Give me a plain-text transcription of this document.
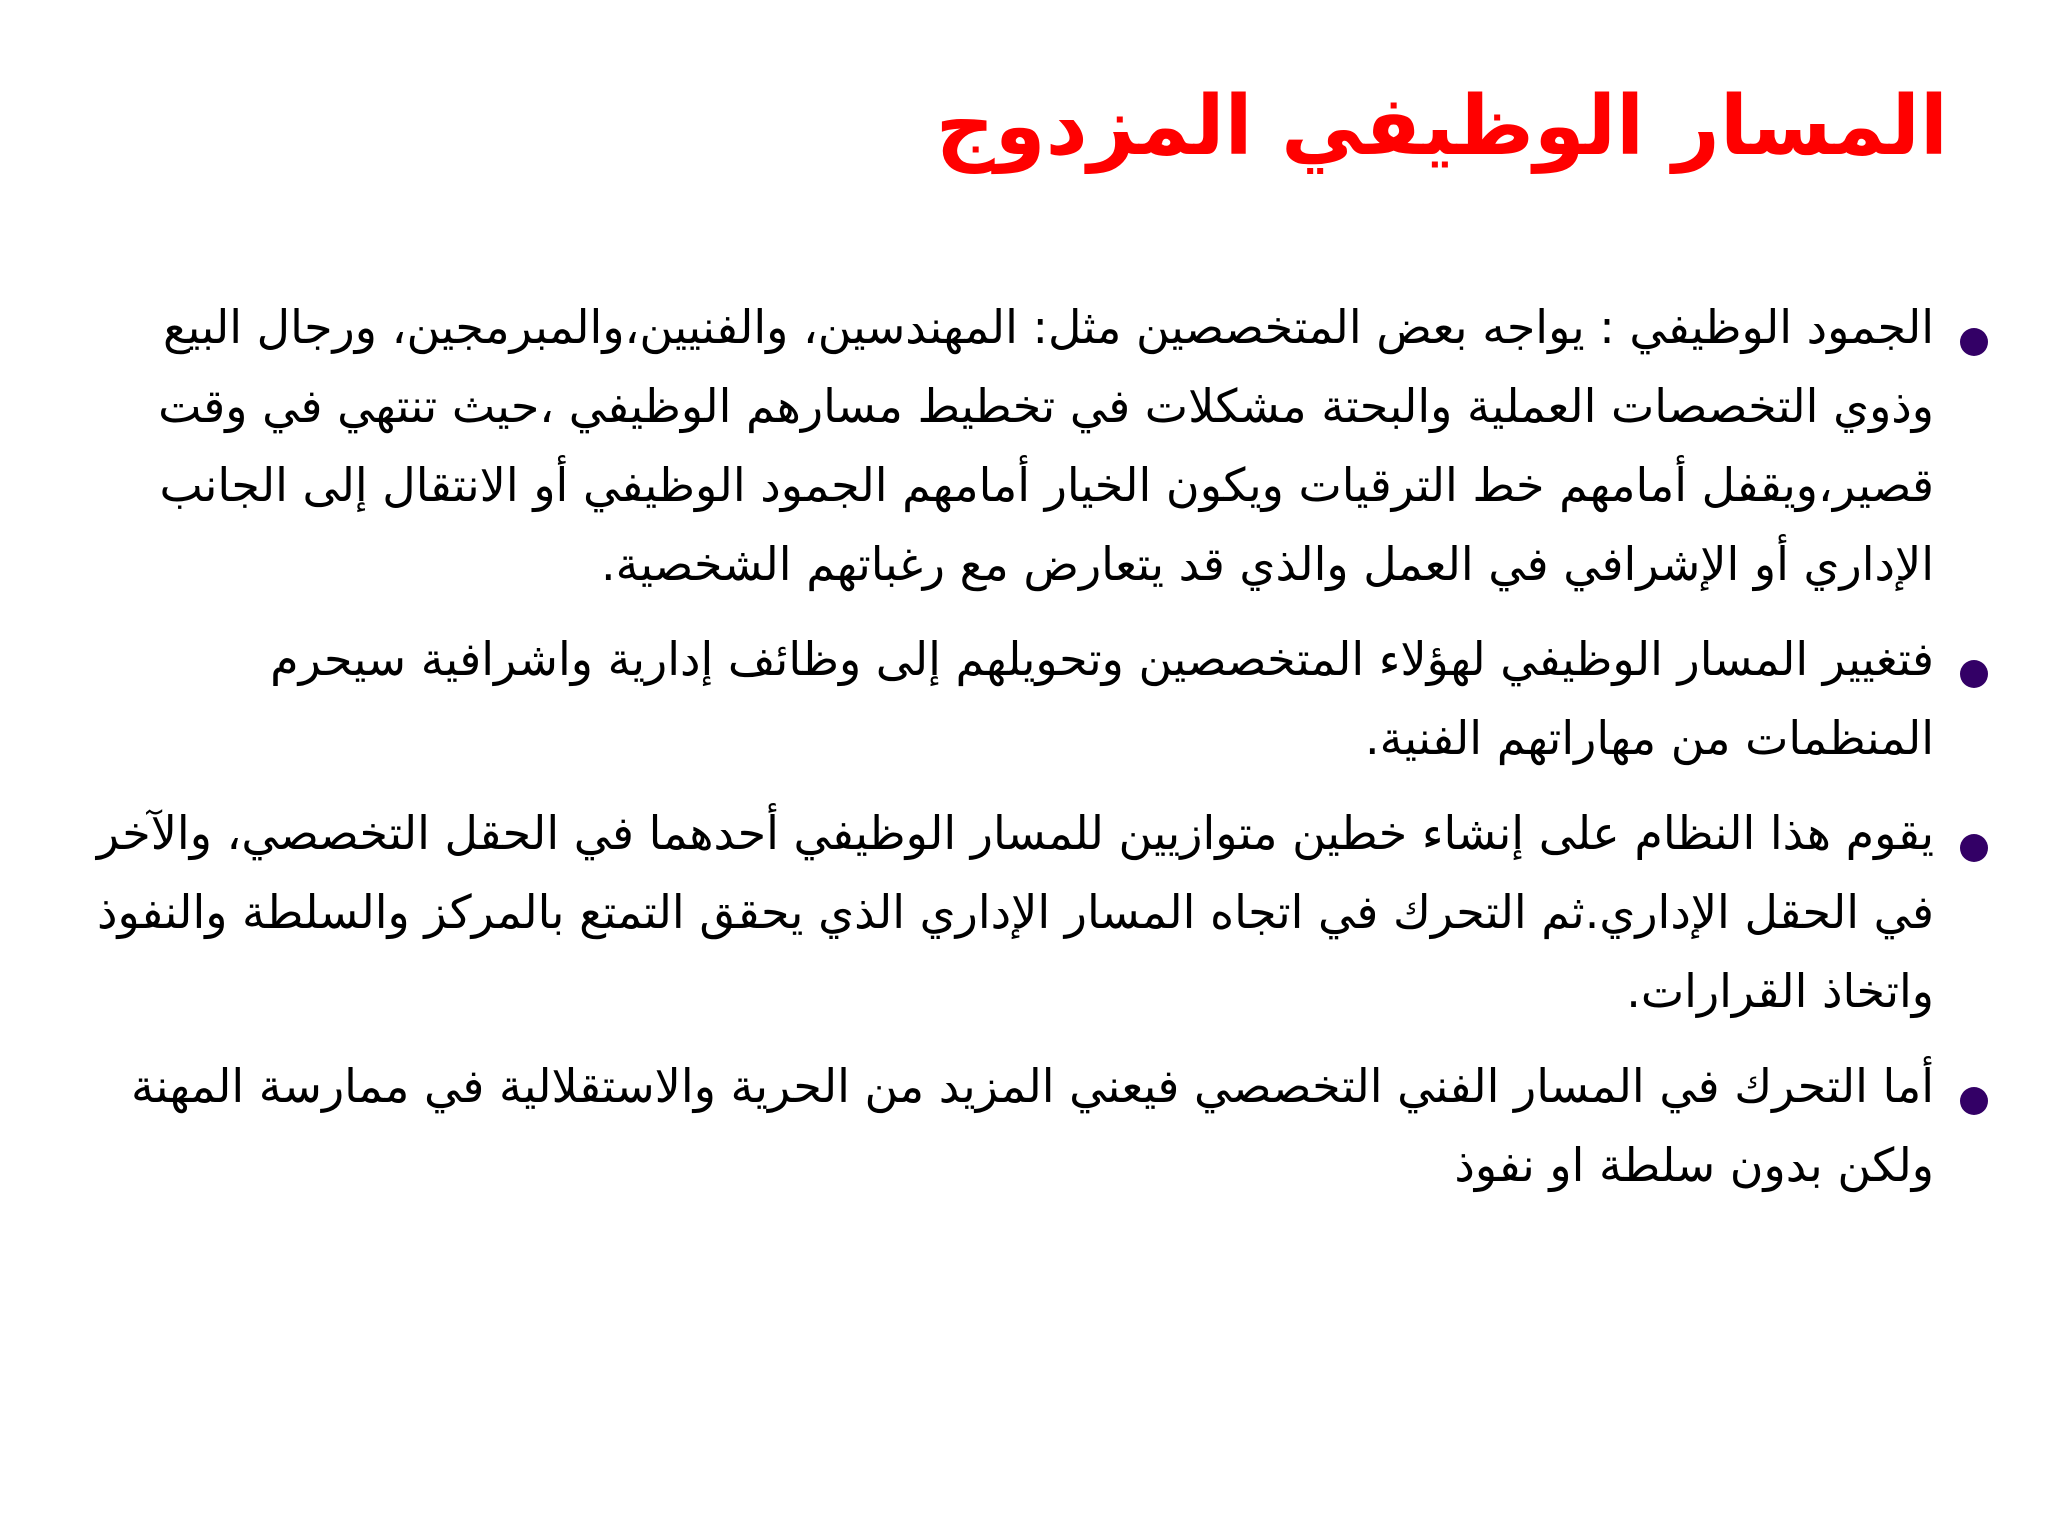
المسار الوظيفي المزدوج
الجمود الوظيفي : يواجه بعض المتخصصين مثل: المهندسين، والفنيين،والمبرمجين، ورجال البيع وذوي التخصصات العملية والبحتة مشكلات في تخطيط مسارهم الوظيفي ،حيث تنتهي في وقت قصير،ويقفل أمامهم خط الترقيات ويكون الخيار أمامهم الجمود الوظيفي أو الانتقال إلى الجانب الإداري أو الإشرافي في العمل والذي قد يتعارض مع رغباتهم الشخصية.
فتغيير المسار الوظيفي لهؤلاء المتخصصين وتحويلهم إلى وظائف إدارية واشرافية سيحرم المنظمات من مهاراتهم الفنية.
يقوم هذا النظام على إنشاء خطين متوازيين للمسار الوظيفي أحدهما في الحقل التخصصي، والآخر في الحقل الإداري.ثم التحرك في اتجاه المسار الإداري الذي يحقق التمتع بالمركز والسلطة والنفوذ واتخاذ القرارات.
أما التحرك في المسار الفني التخصصي فيعني المزيد من الحرية والاستقلالية في ممارسة المهنة ولكن بدون سلطة او نفوذ
